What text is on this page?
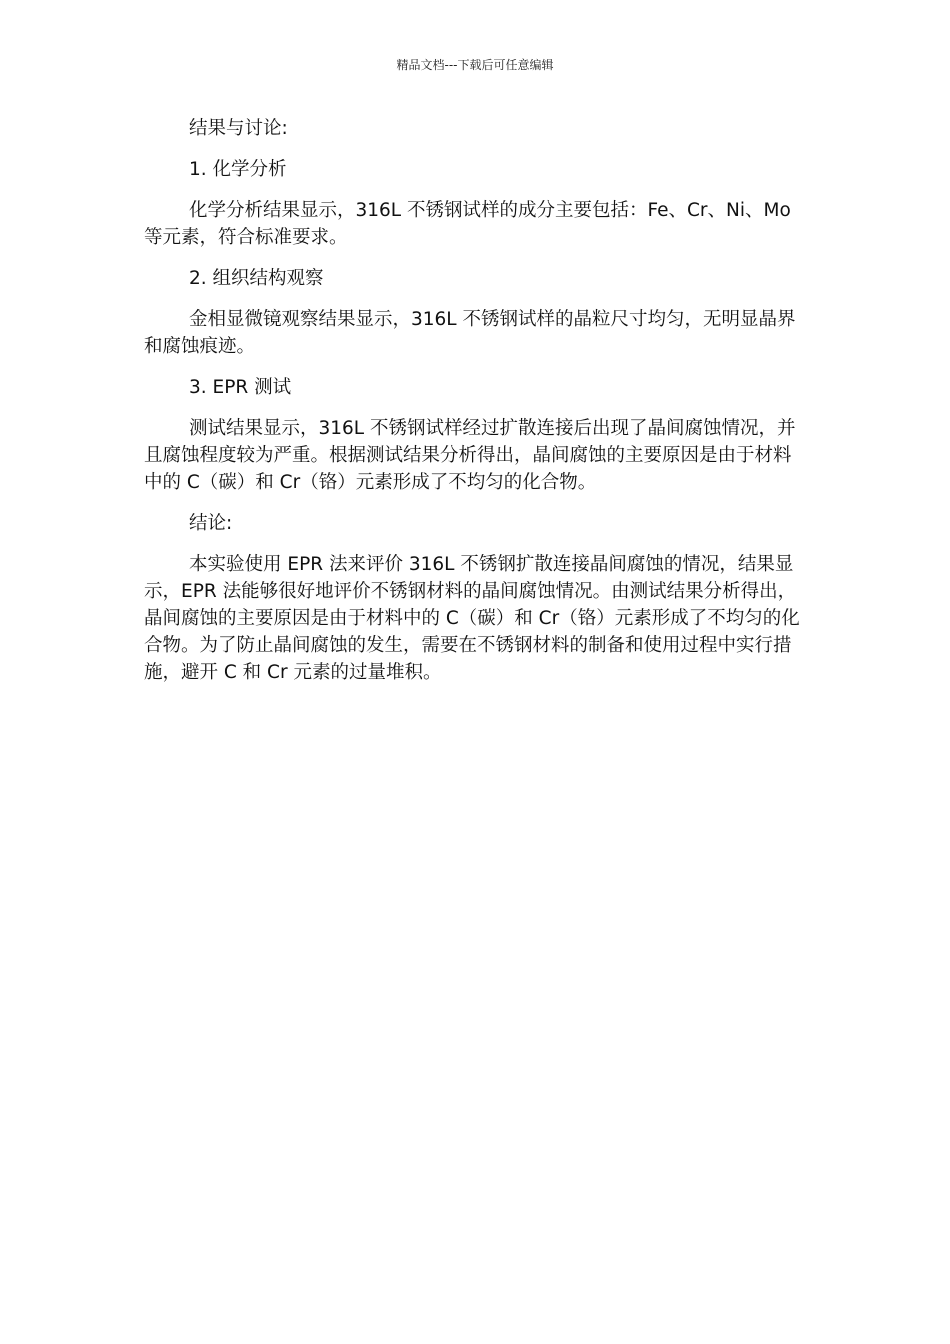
精品文档---下载后可任意编辑

结果与讨论:

1. 化学分析

化学分析结果显示，316L 不锈钢试样的成分主要包括：Fe、Cr、Ni、Mo 等元素，符合标准要求。

2. 组织结构观察

金相显微镜观察结果显示，316L 不锈钢试样的晶粒尺寸均匀，无明显晶界和腐蚀痕迹。

3. EPR 测试

测试结果显示，316L 不锈钢试样经过扩散连接后出现了晶间腐蚀情况，并且腐蚀程度较为严重。根据测试结果分析得出，晶间腐蚀的主要原因是由于材料中的 C（碳）和 Cr（铬）元素形成了不均匀的化合物。

结论:

本实验使用 EPR 法来评价 316L 不锈钢扩散连接晶间腐蚀的情况，结果显示，EPR 法能够很好地评价不锈钢材料的晶间腐蚀情况。由测试结果分析得出，晶间腐蚀的主要原因是由于材料中的 C（碳）和 Cr（铬）元素形成了不均匀的化合物。为了防止晶间腐蚀的发生，需要在不锈钢材料的制备和使用过程中实行措施，避开 C 和 Cr 元素的过量堆积。
